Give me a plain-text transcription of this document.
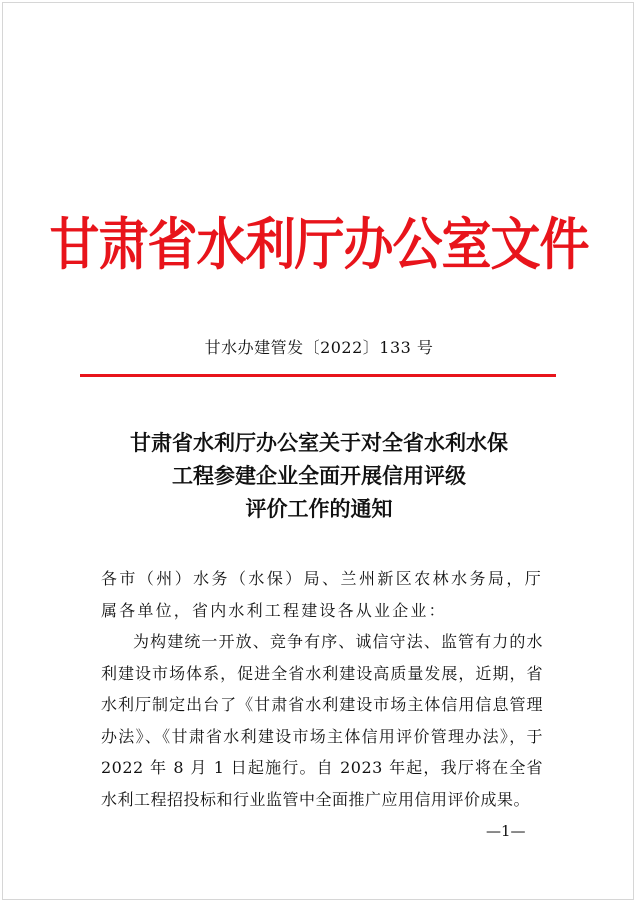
甘肃省水利厅办公室文件
甘水办建管发〔2022〕133 号
甘肃省水利厅办公室关于对全省水利水保
工程参建企业全面开展信用评级
评价工作的通知

各市（州）水务（水保）局、兰州新区农林水务局，厅属各单位，省内水利工程建设各从业企业：

为构建统一开放、竞争有序、诚信守法、监管有力的水利建设市场体系，促进全省水利建设高质量发展，近期，省水利厅制定出台了《甘肃省水利建设市场主体信用信息管理办法》、《甘肃省水利建设市场主体信用评价管理办法》，于 2022 年 8 月 1 日起施行。自 2023 年起，我厅将在全省水利工程招投标和行业监管中全面推广应用信用评价成果。

—1—
